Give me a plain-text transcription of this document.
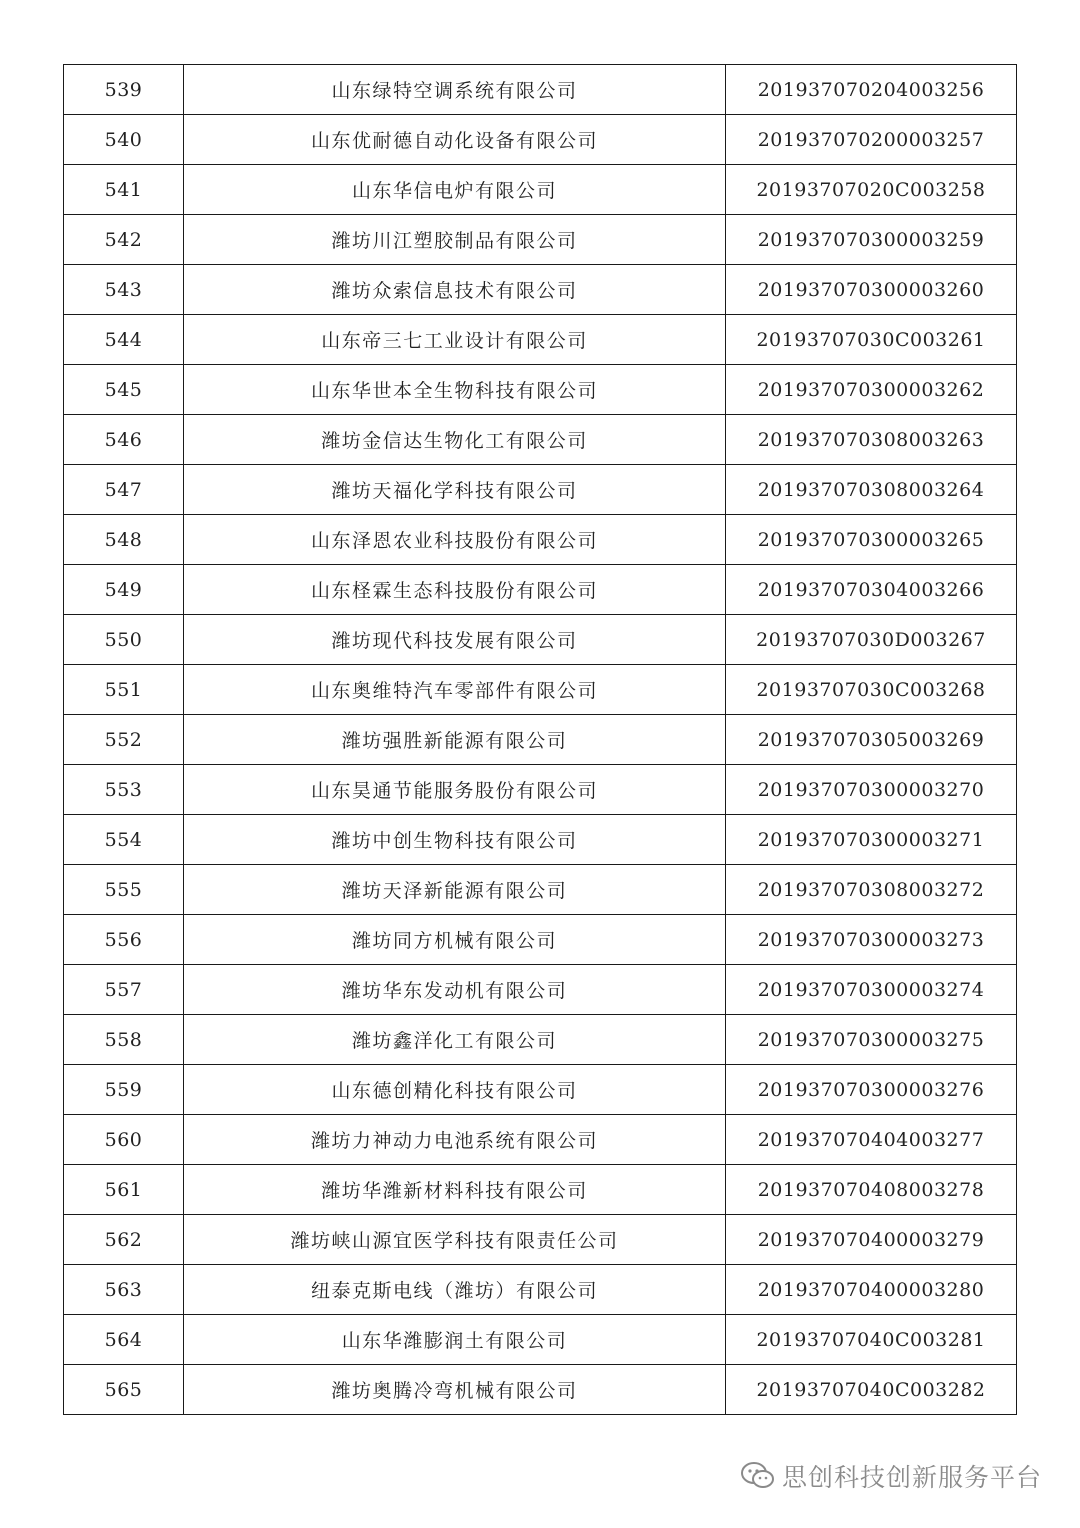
539	山东绿特空调系统有限公司	201937070204003256
540	山东优耐德自动化设备有限公司	201937070200003257
541	山东华信电炉有限公司	20193707020C003258
542	潍坊川江塑胶制品有限公司	201937070300003259
543	潍坊众索信息技术有限公司	201937070300003260
544	山东帝三七工业设计有限公司	20193707030C003261
545	山东华世本全生物科技有限公司	201937070300003262
546	潍坊金信达生物化工有限公司	201937070308003263
547	潍坊天福化学科技有限公司	201937070308003264
548	山东泽恩农业科技股份有限公司	201937070300003265
549	山东柽霖生态科技股份有限公司	201937070304003266
550	潍坊现代科技发展有限公司	20193707030D003267
551	山东奥维特汽车零部件有限公司	20193707030C003268
552	潍坊强胜新能源有限公司	201937070305003269
553	山东昊通节能服务股份有限公司	201937070300003270
554	潍坊中创生物科技有限公司	201937070300003271
555	潍坊天泽新能源有限公司	201937070308003272
556	潍坊同方机械有限公司	201937070300003273
557	潍坊华东发动机有限公司	201937070300003274
558	潍坊鑫洋化工有限公司	201937070300003275
559	山东德创精化科技有限公司	201937070300003276
560	潍坊力神动力电池系统有限公司	201937070404003277
561	潍坊华潍新材料科技有限公司	201937070408003278
562	潍坊峡山源宜医学科技有限责任公司	201937070400003279
563	纽泰克斯电线（潍坊）有限公司	201937070400003280
564	山东华潍膨润土有限公司	20193707040C003281
565	潍坊奥腾冷弯机械有限公司	20193707040C003282
思创科技创新服务平台
